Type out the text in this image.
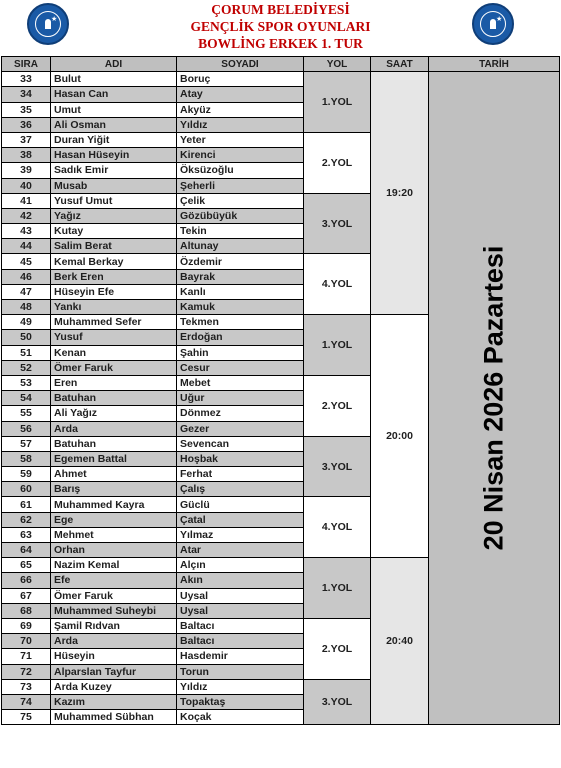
★
ÇORUM BELEDİYESİ
GENÇLİK SPOR OYUNLARI
BOWLİNG ERKEK 1. TUR
★
SIRA	ADI	SOYADI	YOL	SAAT	TARİH
33	Bulut	Boruç	1.YOL	19:20	20 Nisan 2026 Pazartesi

34	Hasan Can	Atay			
35	Umut	Akyüz			
36	Ali Osman	Yıldız			
37	Duran Yiğit	Yeter	2.YOL		
38	Hasan Hüseyin	Kirenci			
39	Sadık Emir	Öksüzoğlu			
40	Musab	Şeherli			
41	Yusuf Umut	Çelik	3.YOL		
42	Yağız	Gözübüyük			
43	Kutay	Tekin			
44	Salim Berat	Altunay			
45	Kemal Berkay	Özdemir	4.YOL		
46	Berk Eren	Bayrak			
47	Hüseyin Efe	Kanlı			
48	Yankı	Kamuk			
49	Muhammed Sefer	Tekmen	1.YOL	20:00	
50	Yusuf	Erdoğan			
51	Kenan	Şahin			
52	Ömer Faruk	Cesur			
53	Eren	Mebet	2.YOL		
54	Batuhan	Uğur			
55	Ali Yağız	Dönmez			
56	Arda	Gezer			
57	Batuhan	Sevencan	3.YOL		
58	Egemen Battal	Hoşbak			
59	Ahmet	Ferhat			
60	Barış	Çalış			
61	Muhammed Kayra	Güclü	4.YOL		
62	Ege	Çatal			
63	Mehmet	Yılmaz			
64	Orhan	Atar			
65	Nazim Kemal	Alçın	1.YOL	20:40	
66	Efe	Akın			
67	Ömer Faruk	Uysal			
68	Muhammed Suheybi	Uysal			
69	Şamil Rıdvan	Baltacı	2.YOL		
70	Arda	Baltacı			
71	Hüseyin	Hasdemir			
72	Alparslan Tayfur	Torun			
73	Arda Kuzey	Yıldız	3.YOL		
74	Kazım	Topaktaş			
75	Muhammed Sübhan	Koçak			
